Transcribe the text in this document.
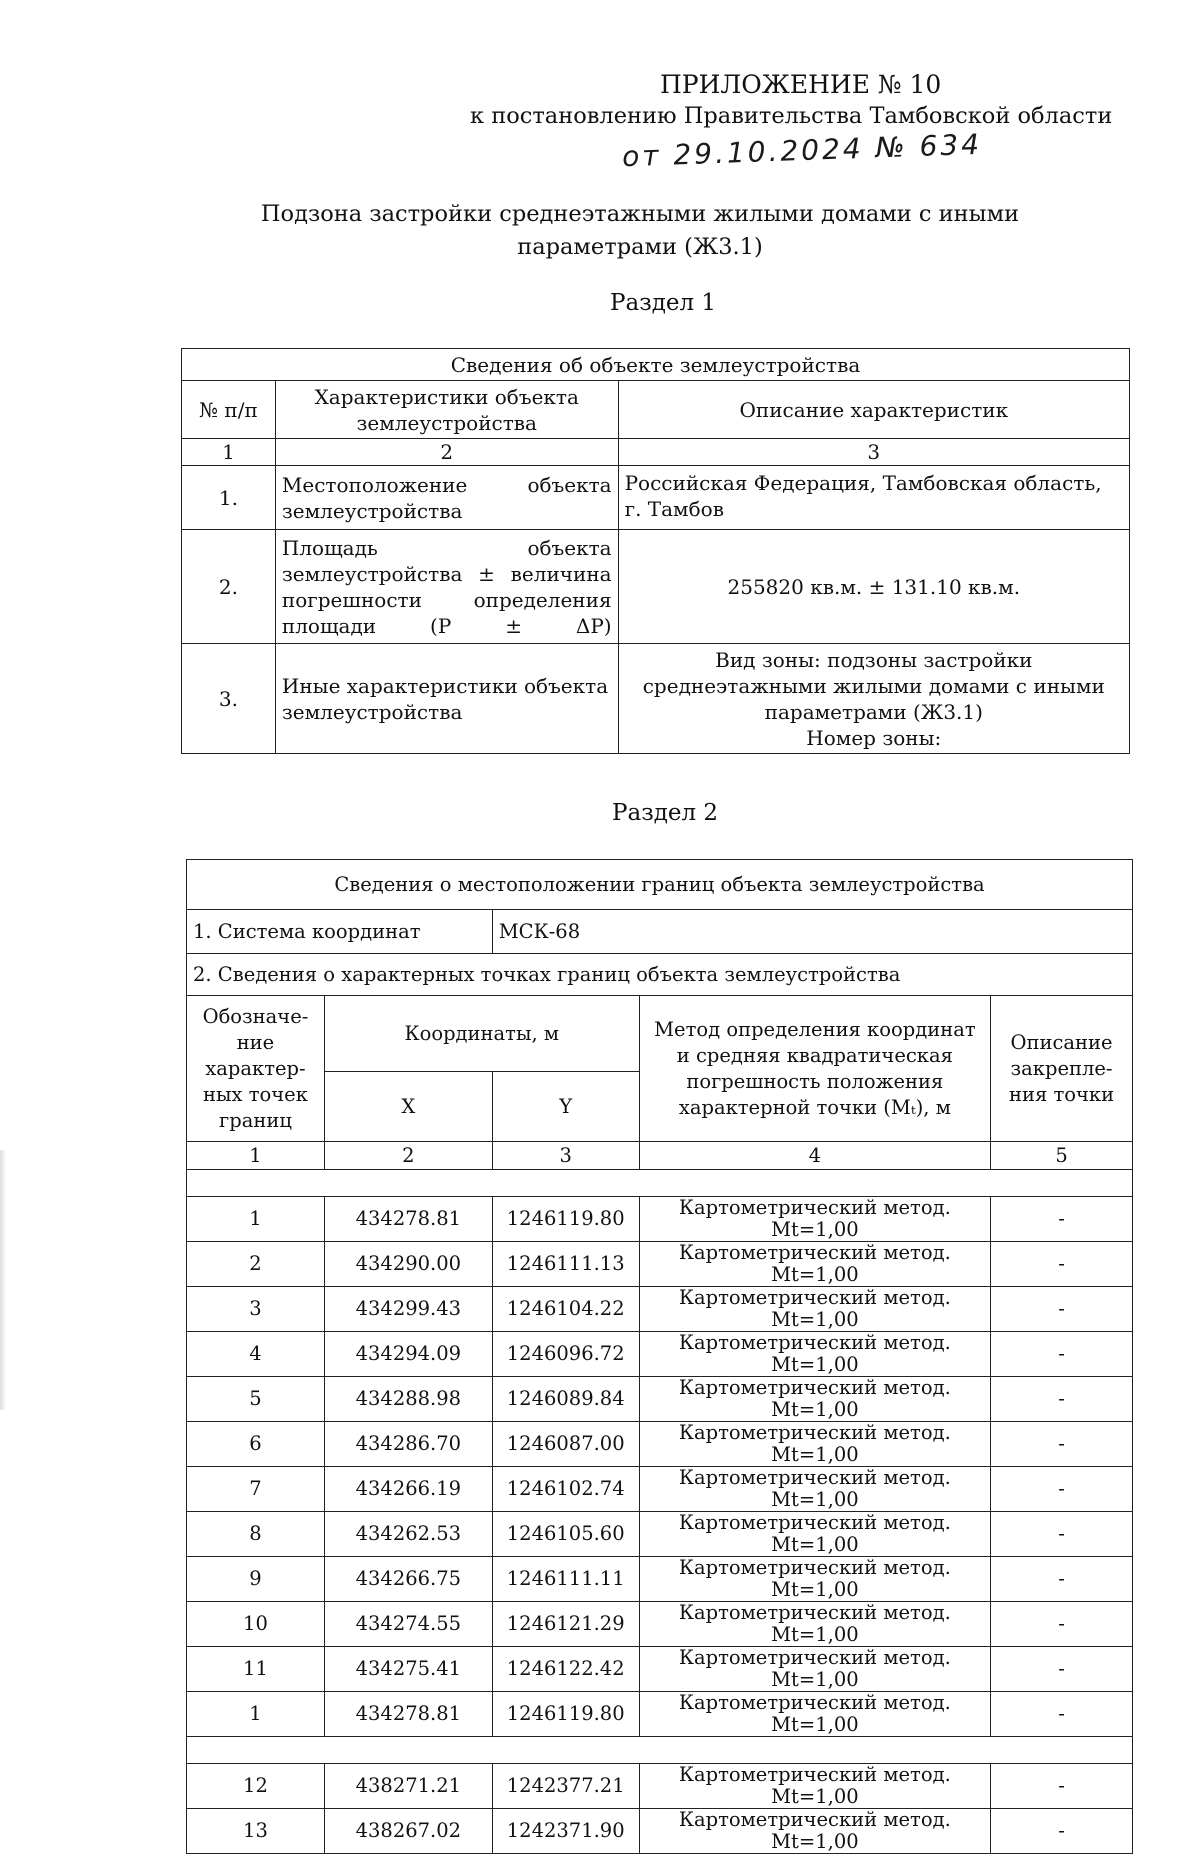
ПРИЛОЖЕНИЕ № 10
к постановлению Правительства Тамбовской области
от 29.10.2024 № 634
Подзона застройки среднеэтажными жилыми домами с иными
параметрами (Ж3.1)
Раздел 1
Сведения об объекте землеустройства		
№ п/п	Характеристики объекта землеустройства	Описание характеристик
1	2	3
1.	Местоположение объекта землеустройства	Российская Федерация, Тамбовская область, г. Тамбов
2.	Площадь объекта землеустройства ± величина погрешности определения площади (P ± ΔP)	255820 кв.м. ± 131.10 кв.м.
3.	Иные характеристики объекта землеустройства	Вид зоны: подзоны застройки
среднеэтажными жилыми домами с иными
параметрами (Ж3.1)
Номер зоны:
Раздел 2
Сведения о местоположении границ объекта землеустройства				
1. Система координат		МСК-68		
2. Сведения о характерных точках границ объекта землеустройства				
Обозначе-ние характер-ных точек границ	Координаты, м		Метод определения координат и средняя квадратическая погрешность положения характерной точки (Mₜ), м	Описание закрепле-ния точки
	X	Y		
1	2	3	4	5

1	434278.81	1246119.80	Картометрический метод. Mt=1,00	-
2	434290.00	1246111.13	Картометрический метод. Mt=1,00	-
3	434299.43	1246104.22	Картометрический метод. Mt=1,00	-
4	434294.09	1246096.72	Картометрический метод. Mt=1,00	-
5	434288.98	1246089.84	Картометрический метод. Mt=1,00	-
6	434286.70	1246087.00	Картометрический метод. Mt=1,00	-
7	434266.19	1246102.74	Картометрический метод. Mt=1,00	-
8	434262.53	1246105.60	Картометрический метод. Mt=1,00	-
9	434266.75	1246111.11	Картометрический метод. Mt=1,00	-
10	434274.55	1246121.29	Картометрический метод. Mt=1,00	-
11	434275.41	1246122.42	Картометрический метод. Mt=1,00	-
1	434278.81	1246119.80	Картометрический метод. Mt=1,00	-

12	438271.21	1242377.21	Картометрический метод. Mt=1,00	-
13	438267.02	1242371.90	Картометрический метод. Mt=1,00	-
